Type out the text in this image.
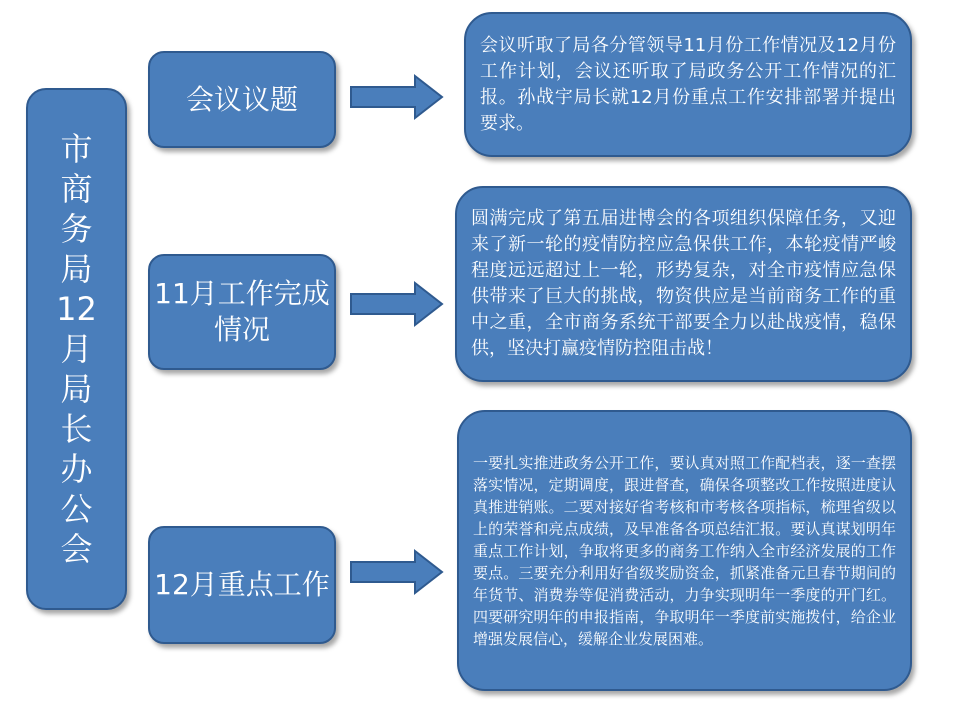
市
商
务
局
12
月
局
长
办
公
会
会议议题
会议听取了局各分管领导11月份工作情况及12月份工作计划，会议还听取了局政务公开工作情况的汇报。孙战宇局长就12月份重点工作安排部署并提出要求。
11月工作完成情况
圆满完成了第五届进博会的各项组织保障任务，又迎来了新一轮的疫情防控应急保供工作，本轮疫情严峻程度远远超过上一轮，形势复杂，对全市疫情应急保供带来了巨大的挑战，物资供应是当前商务工作的重中之重，全市商务系统干部要全力以赴战疫情，稳保供，坚决打赢疫情防控阻击战！
12月重点工作
一要扎实推进政务公开工作，要认真对照工作配档表，逐一查摆落实情况，定期调度，跟进督查，确保各项整改工作按照进度认真推进销账。二要对接好省考核和市考核各项指标，梳理省级以上的荣誉和亮点成绩，及早准备各项总结汇报。要认真谋划明年重点工作计划，争取将更多的商务工作纳入全市经济发展的工作要点。三要充分利用好省级奖励资金，抓紧准备元旦春节期间的年货节、消费券等促消费活动，力争实现明年一季度的开门红。四要研究明年的申报指南，争取明年一季度前实施拨付，给企业增强发展信心，缓解企业发展困难。
